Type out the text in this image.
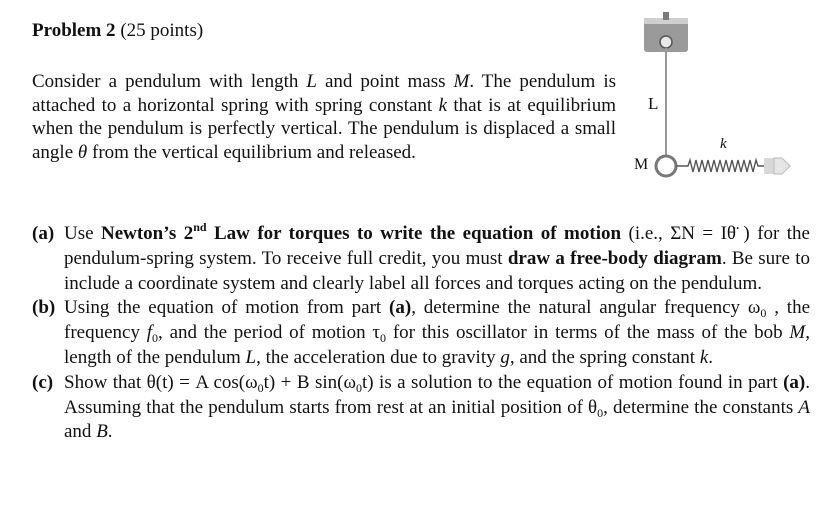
Problem 2 (25 points)
Consider a pendulum with length L and point mass M. The pendulum is attached to a horizontal spring with spring constant k that is at equilibrium when the pendulum is perfectly vertical. The pendulum is displaced a small angle θ from the vertical equilibrium and released.
L
k
M
(a) Use Newton’s 2nd Law for torques to write the equation of motion (i.e., ΣN = Iθ̈ ) for the pendulum-spring system. To receive full credit, you must draw a free-body diagram. Be sure to include a coordinate system and clearly label all forces and torques acting on the pendulum.
(b) Using the equation of motion from part (a), determine the natural angular frequency $\omega_0$ , the frequency $f_0$, and the period of motion $\tau_0$ for this oscillator in terms of the mass of the bob M, length of the pendulum L, the acceleration due to gravity g, and the spring constant k.
(c) Show that θ(t) = A $\cos(\omega_0t) + B$ $\sin(\omega_0t)$ is a solution to the equation of motion found in part (a). Assuming that the pendulum starts from rest at an initial position of $\theta_0$, determine the constants A and B.
